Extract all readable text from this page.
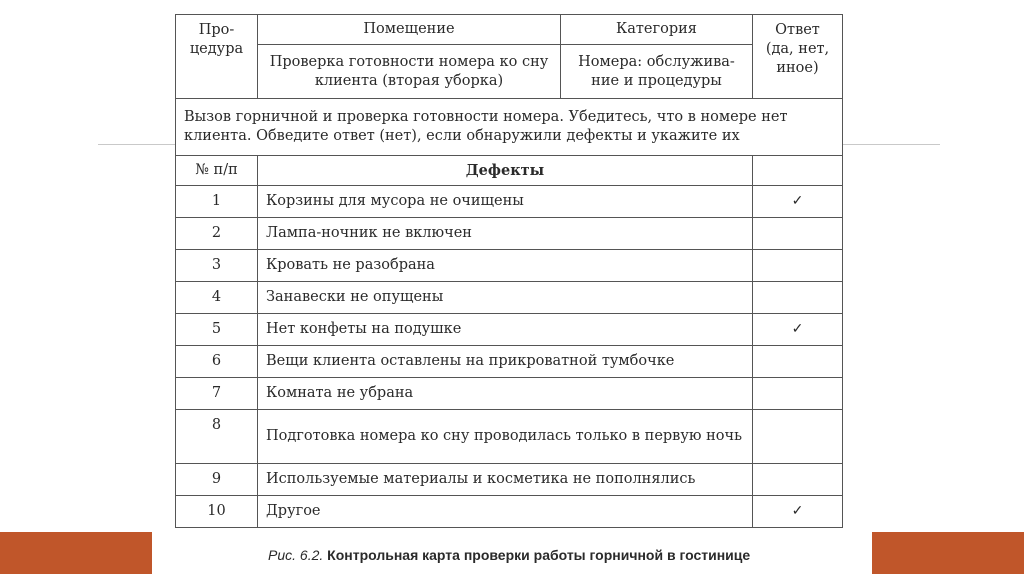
Про-цедура	Помещение	Категория	Ответ (да, нет, иное)
	Проверка готовности номера ко сну клиента (вторая уборка)	Номера: обслужива-ние и процедуры	
Вызов горничной и проверка готовности номера. Убедитесь, что в номере нет клиента. Обведите ответ (нет), если обнаружили дефекты и укажите их			
№ п/п	Дефекты		
1	Корзины для мусора не очищены		✓
2	Лампа-ночник не включен		
3	Кровать не разобрана		
4	Занавески не опущены		
5	Нет конфеты на подушке		✓
6	Вещи клиента оставлены на прикроватной тумбочке		
7	Комната не убрана		
8	Подготовка номера ко сну проводилась только в первую ночь		
9	Используемые материалы и косметика не пополнялись		
10	Другое		✓
Рис. 6.2. Контрольная карта проверки работы горничной в гостинице
